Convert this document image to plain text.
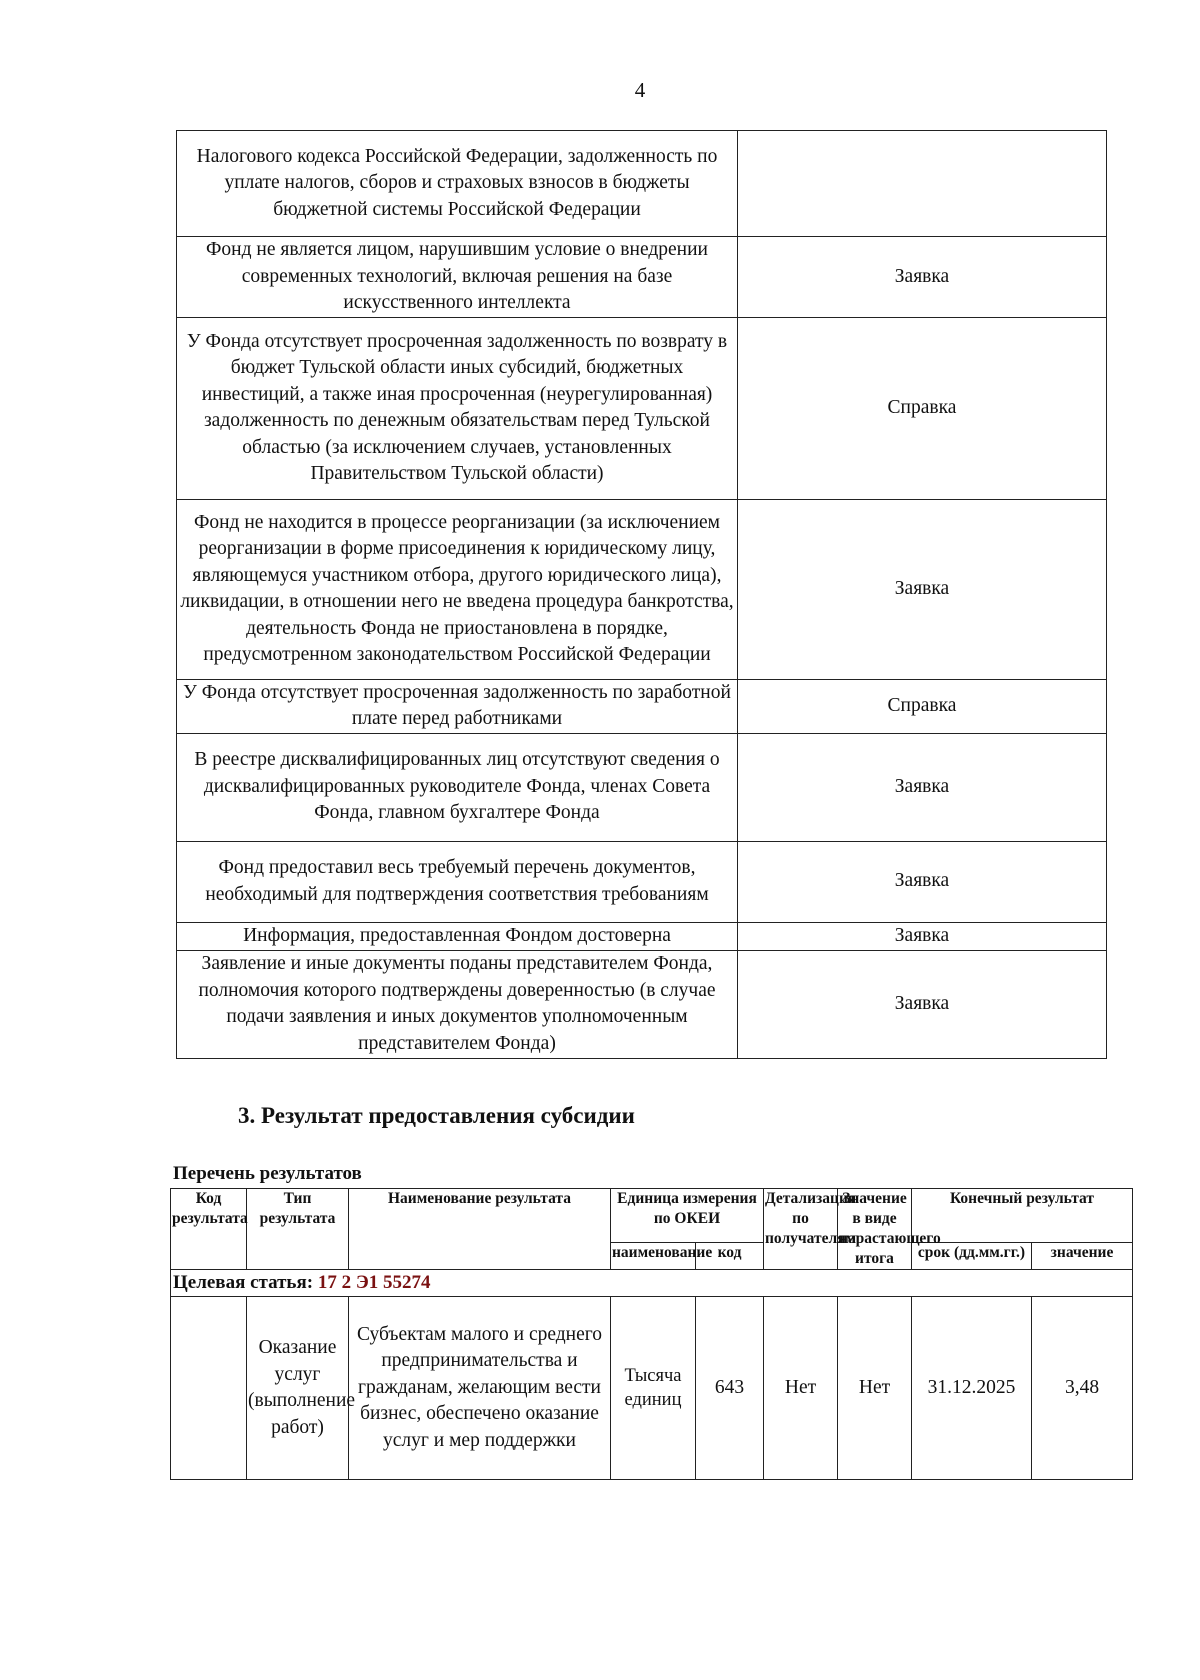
4
Налогового кодекса Российской Федерации, задолженность по уплате налогов, сборов и страховых взносов в бюджеты бюджетной системы Российской Федерации	
Фонд не является лицом, нарушившим условие о внедрении современных технологий, включая решения на базе искусственного интеллекта	Заявка
У Фонда отсутствует просроченная задолженность по возврату в бюджет Тульской области иных субсидий, бюджетных инвестиций, а также иная просроченная (неурегулированная) задолженность по денежным обязательствам перед Тульской областью (за исключением случаев, установленных Правительством Тульской области)	Справка
Фонд не находится в процессе реорганизации (за исключением реорганизации в форме присоединения к юридическому лицу, являющемуся участником отбора, другого юридического лица), ликвидации, в отношении него не введена процедура банкротства, деятельность Фонда не приостановлена в порядке, предусмотренном законодательством Российской Федерации	Заявка
У Фонда отсутствует просроченная задолженность по заработной плате перед работниками	Справка
В реестре дисквалифицированных лиц отсутствуют сведения о дисквалифицированных руководителе Фонда, членах Совета Фонда, главном бухгалтере Фонда	Заявка
Фонд предоставил весь требуемый перечень документов, необходимый для подтверждения соответствия требованиям	Заявка
Информация, предоставленная Фондом достоверна	Заявка
Заявление и иные документы поданы представителем Фонда, полномочия которого подтверждены доверенностью (в случае подачи заявления и иных документов уполномоченным представителем Фонда)	Заявка
3. Результат предоставления субсидии
Перечень результатов
Код результата	Тип результата	Наименование результата	Единица измерения по ОКЕИ		Детализация по получателям	Значение в виде нарастающего итога	Конечный результат	
			наименование	код			срок (дд.мм.гг.)	значение
Целевая статья: 17 2 Э1 55274								
	Оказание услуг (выполнение работ)	Субъектам малого и среднего предпринимательства и гражданам, желающим вести бизнес, обеспечено оказание услуг и мер поддержки	Тысяча единиц	643	Нет	Нет	31.12.2025	3,48
